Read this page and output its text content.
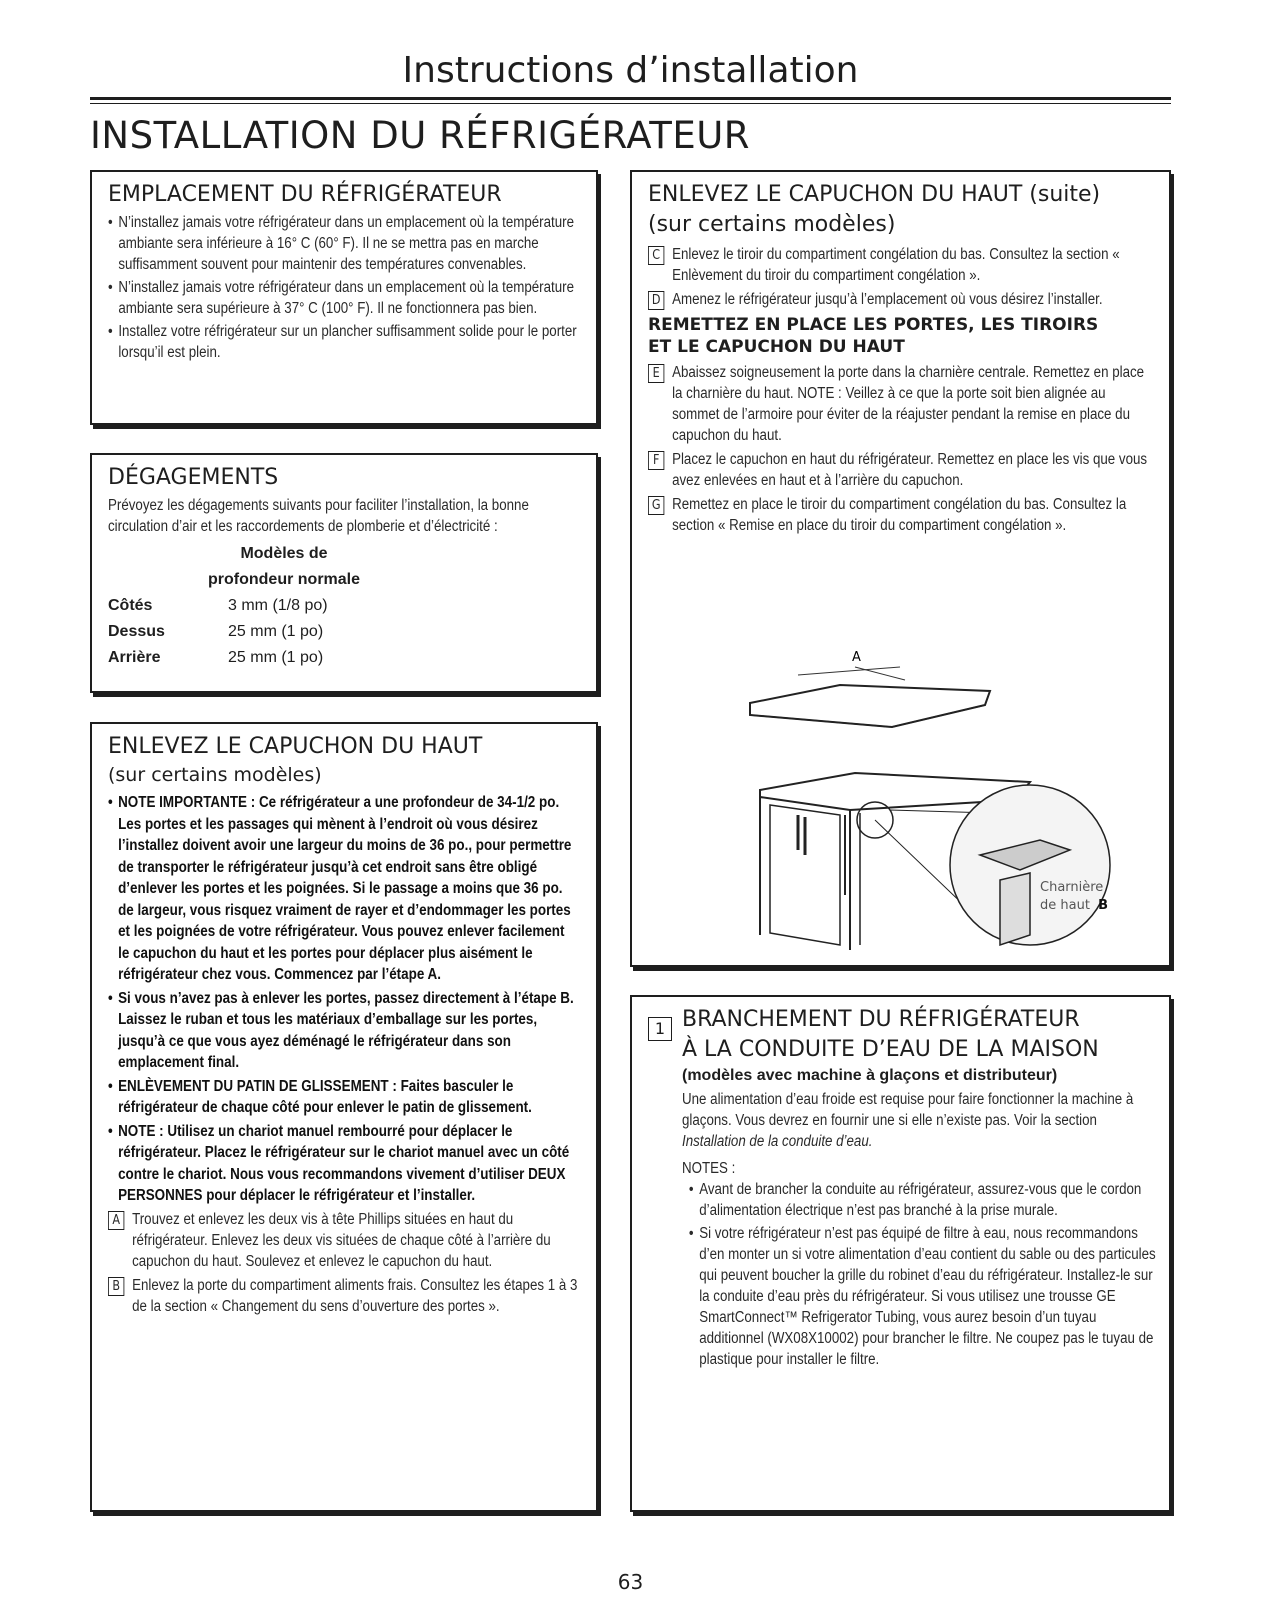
Instructions d’installation
INSTALLATION DU RÉFRIGÉRATEUR
EMPLACEMENT DU RÉFRIGÉRATEUR
• N’installez jamais votre réfrigérateur dans un emplacement où la température ambiante sera inférieure à 16° C (60° F). Il ne se mettra pas en marche suffisamment souvent pour maintenir des températures convenables.
• N’installez jamais votre réfrigérateur dans un emplacement où la température ambiante sera supérieure à 37° C (100° F). Il ne fonctionnera pas bien.
• Installez votre réfrigérateur sur un plancher suffisamment solide pour le porter lorsqu’il est plein.
DÉGAGEMENTS
Prévoyez les dégagements suivants pour faciliter l’installation, la bonne circulation d’air et les raccordements de plomberie et d’électricité :
	Modèles de
	profondeur normale
Côtés	3 mm (1/8 po)
Dessus	25 mm (1 po)
Arrière	25 mm (1 po)
ENLEVEZ LE CAPUCHON DU HAUT
(sur certains modèles)
• NOTE IMPORTANTE : Ce réfrigérateur a une profondeur de 34-1/2 po. Les portes et les passages qui mènent à l’endroit où vous désirez l’installez doivent avoir une largeur du moins de 36 po., pour permettre de transporter le réfrigérateur jusqu’à cet endroit sans être obligé d’enlever les portes et les poignées. Si le passage a moins que 36 po. de largeur, vous risquez vraiment de rayer et d’endommager les portes et les poignées de votre réfrigérateur. Vous pouvez enlever facilement le capuchon du haut et les portes pour déplacer plus aisément le réfrigérateur chez vous. Commencez par l’étape A.
• Si vous n’avez pas à enlever les portes, passez directement à l’étape B. Laissez le ruban et tous les matériaux d’emballage sur les portes, jusqu’à ce que vous ayez déménagé le réfrigérateur dans son emplacement final.
• ENLÈVEMENT DU PATIN DE GLISSEMENT : Faites basculer le réfrigérateur de chaque côté pour enlever le patin de glissement.
• NOTE : Utilisez un chariot manuel rembourré pour déplacer le réfrigérateur. Placez le réfrigérateur sur le chariot manuel avec un côté contre le chariot. Nous vous recommandons vivement d’utiliser DEUX PERSONNES pour déplacer le réfrigérateur et l’installer.
A Trouvez et enlevez les deux vis à tête Phillips situées en haut du réfrigérateur. Enlevez les deux vis situées de chaque côté à l’arrière du capuchon du haut. Soulevez et enlevez le capuchon du haut.
B Enlevez la porte du compartiment aliments frais. Consultez les étapes 1 à 3 de la section « Changement du sens d’ouverture des portes ».
ENLEVEZ LE CAPUCHON DU HAUT (suite)
(sur certains modèles)
C Enlevez le tiroir du compartiment congélation du bas. Consultez la section « Enlèvement du tiroir du compartiment congélation ».
D Amenez le réfrigérateur jusqu’à l’emplacement où vous désirez l’installer.
REMETTEZ EN PLACE LES PORTES, LES TIROIRS
ET LE CAPUCHON DU HAUT
E Abaissez soigneusement la porte dans la charnière centrale. Remettez en place la charnière du haut. NOTE : Veillez à ce que la porte soit bien alignée au sommet de l’armoire pour éviter de la réajuster pendant la remise en place du capuchon du haut.
F Placez le capuchon en haut du réfrigérateur. Remettez en place les vis que vous avez enlevées en haut et à l’arrière du capuchon.
G Remettez en place le tiroir du compartiment congélation du bas. Consultez la section « Remise en place du tiroir du compartiment congélation ».
A
Charnière
de haut B
1 BRANCHEMENT DU RÉFRIGÉRATEUR
À LA CONDUITE D’EAU DE LA MAISON
(modèles avec machine à glaçons et distributeur)
Une alimentation d’eau froide est requise pour faire fonctionner la machine à glaçons. Vous devrez en fournir une si elle n’existe pas. Voir la section Installation de la conduite d’eau.
NOTES :
• Avant de brancher la conduite au réfrigérateur, assurez-vous que le cordon d’alimentation électrique n’est pas branché à la prise murale.
• Si votre réfrigérateur n’est pas équipé de filtre à eau, nous recommandons d’en monter un si votre alimentation d’eau contient du sable ou des particules qui peuvent boucher la grille du robinet d’eau du réfrigérateur. Installez-le sur la conduite d’eau près du réfrigérateur. Si vous utilisez une trousse GE SmartConnect™ Refrigerator Tubing, vous aurez besoin d’un tuyau additionnel (WX08X10002) pour brancher le filtre. Ne coupez pas le tuyau de plastique pour installer le filtre.
63
